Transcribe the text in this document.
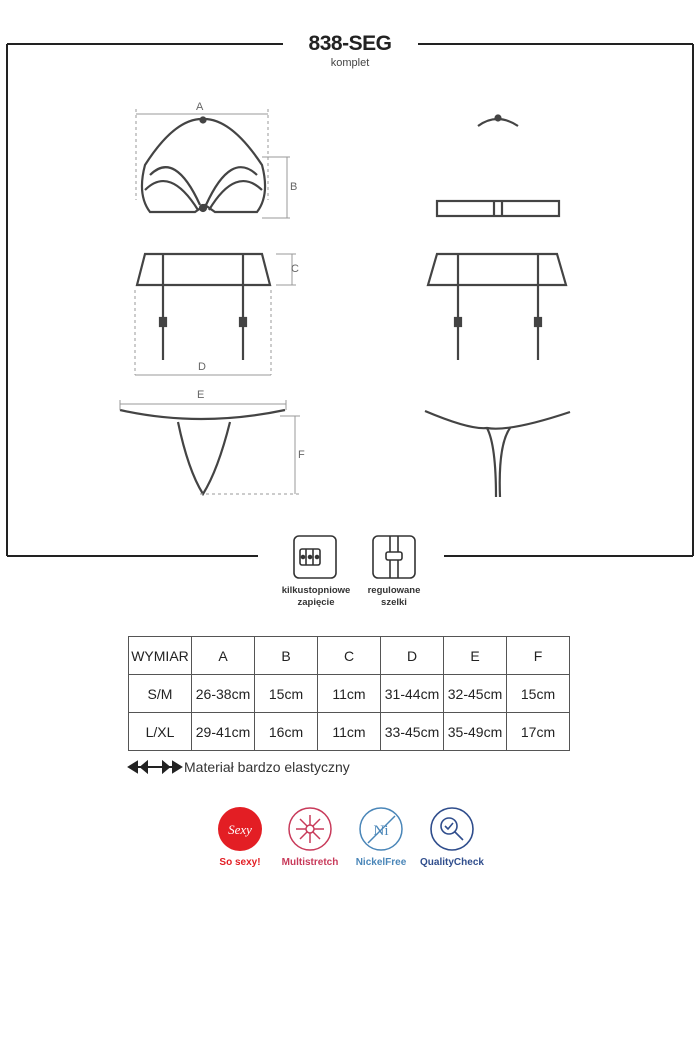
Sexy	Ni
838-SEG
komplet
A
B
C
D
E
F
kilkustopniowe
zapięcie
regulowane
szelki
WYMIAR	A	B	C	D	E	F
S/M	26-38cm	15cm	11cm	31-44cm	32-45cm	15cm
L/XL	29-41cm	16cm	11cm	33-45cm	35-49cm	17cm
Materiał bardzo elastyczny
So sexy!	Multistretch	NickelFree	QualityCheck
